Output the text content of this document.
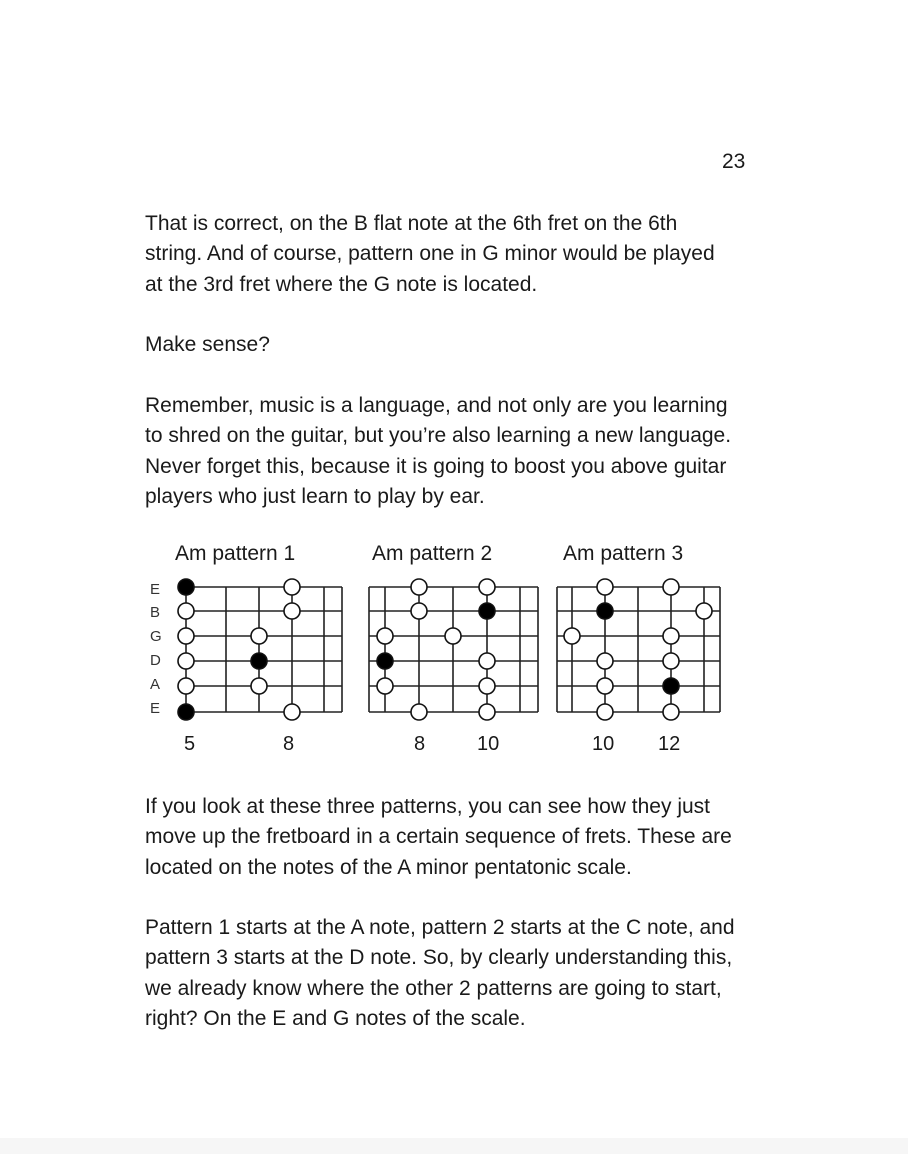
23
That is correct, on the B flat note at the 6th fret on the 6th
string. And of course, pattern one in G minor would be played
at the 3rd fret where the G note is located.
Make sense?
Remember, music is a language, and not only are you learning
to shred on the guitar, but you’re also learning a new language.
Never forget this, because it is going to boost you above guitar
players who just learn to play by ear.
Am pattern 1	Am pattern 2	Am pattern 3
E
B
G
D
A
E
5	8	8	10	10 12
If you look at these three patterns, you can see how they just
move up the fretboard in a certain sequence of frets. These are
located on the notes of the A minor pentatonic scale.
Pattern 1 starts at the A note, pattern 2 starts at the C note, and
pattern 3 starts at the D note. So, by clearly understanding this,
we already know where the other 2 patterns are going to start,
right? On the E and G notes of the scale.
